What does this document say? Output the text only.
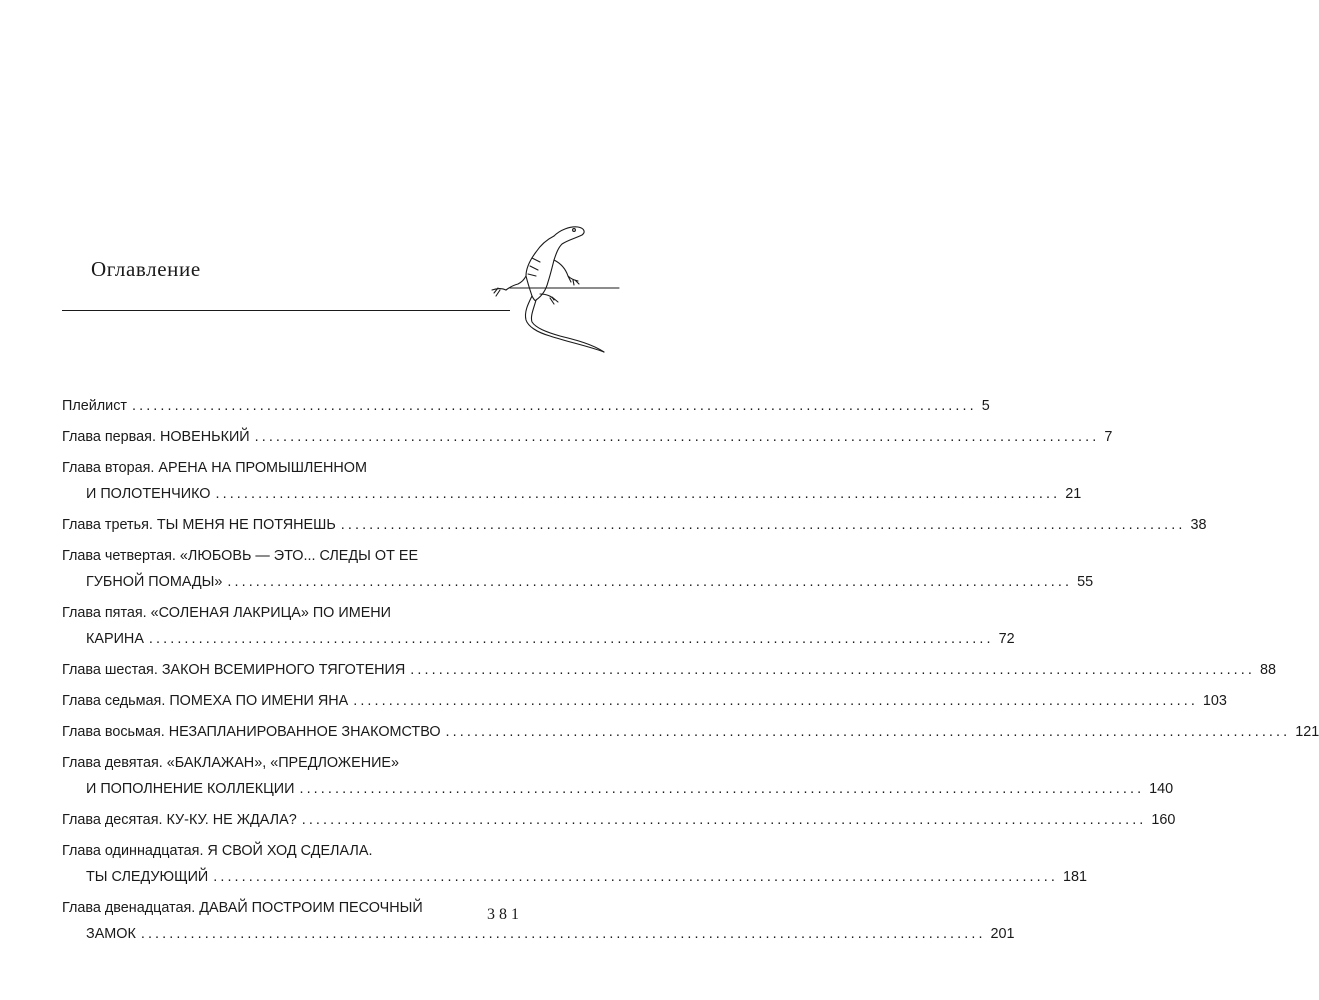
Оглавление
Плейлист ....................................................................................................................... 5
Глава первая. НОВЕНЬКИЙ ....................................................................................................................... 7
Глава вторая. АРЕНА НА ПРОМЫШЛЕННОМ
И ПОЛОТЕНЧИКО ....................................................................................................................... 21
Глава третья. ТЫ МЕНЯ НЕ ПОТЯНЕШЬ ....................................................................................................................... 38
Глава четвертая. «ЛЮБОВЬ — ЭТО... СЛЕДЫ ОТ ЕЕ
ГУБНОЙ ПОМАДЫ» ....................................................................................................................... 55
Глава пятая. «СОЛЕНАЯ ЛАКРИЦА» ПО ИМЕНИ
КАРИНА ....................................................................................................................... 72
Глава шестая. ЗАКОН ВСЕМИРНОГО ТЯГОТЕНИЯ ....................................................................................................................... 88
Глава седьмая. ПОМЕХА ПО ИМЕНИ ЯНА ....................................................................................................................... 103
Глава восьмая. НЕЗАПЛАНИРОВАННОЕ ЗНАКОМСТВО ....................................................................................................................... 121
Глава девятая. «БАКЛАЖАН», «ПРЕДЛОЖЕНИЕ»
И ПОПОЛНЕНИЕ КОЛЛЕКЦИИ ....................................................................................................................... 140
Глава десятая. КУ-КУ. НЕ ЖДАЛА? ....................................................................................................................... 160
Глава одиннадцатая. Я СВОЙ ХОД СДЕЛАЛА.
ТЫ СЛЕДУЮЩИЙ ....................................................................................................................... 181
Глава двенадцатая. ДАВАЙ ПОСТРОИМ ПЕСОЧНЫЙ
ЗАМОК ....................................................................................................................... 201
381
